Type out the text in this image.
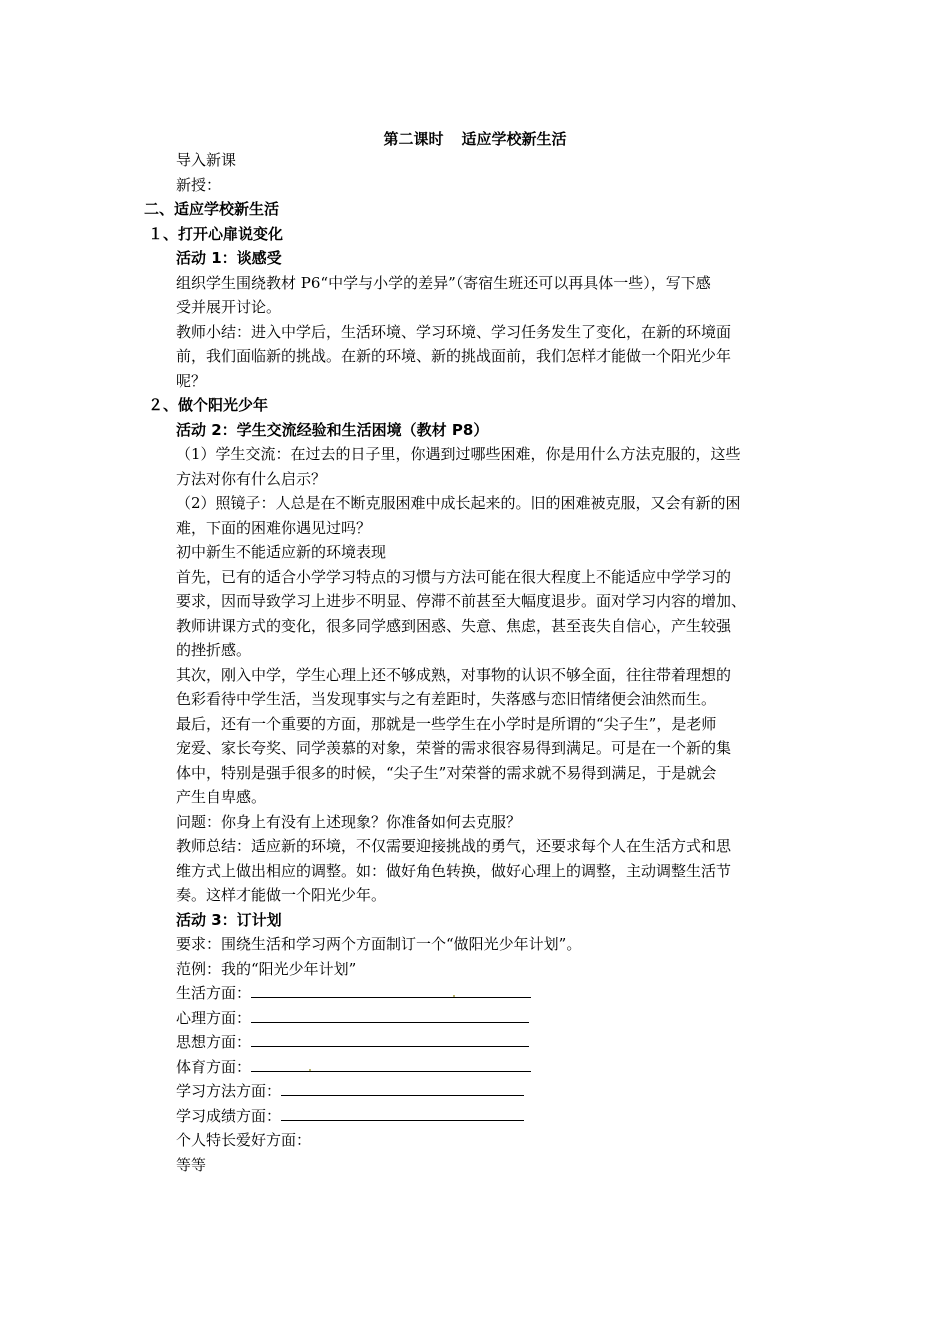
第二课时 适应学校新生活
导入新课
新授：
二、适应学校新生活
１、打开心扉说变化
活动 1：谈感受
组织学生围绕教材 P6“中学与小学的差异”（寄宿生班还可以再具体一些），写下感
受并展开讨论。
教师小结：进入中学后，生活环境、学习环境、学习任务发生了变化，在新的环境面
前，我们面临新的挑战。在新的环境、新的挑战面前，我们怎样才能做一个阳光少年
呢？
２、做个阳光少年
活动 2：学生交流经验和生活困境（教材 P8）
（1）学生交流：在过去的日子里，你遇到过哪些困难，你是用什么方法克服的，这些
方法对你有什么启示？
（2）照镜子：人总是在不断克服困难中成长起来的。旧的困难被克服，又会有新的困
难，下面的困难你遇见过吗？
初中新生不能适应新的环境表现
首先，已有的适合小学学习特点的习惯与方法可能在很大程度上不能适应中学学习的
要求，因而导致学习上进步不明显、停滞不前甚至大幅度退步。面对学习内容的增加、
教师讲课方式的变化，很多同学感到困惑、失意、焦虑，甚至丧失自信心，产生较强
的挫折感。
其次，刚入中学，学生心理上还不够成熟，对事物的认识不够全面，往往带着理想的
色彩看待中学生活，当发现事实与之有差距时，失落感与恋旧情绪便会油然而生。
最后，还有一个重要的方面，那就是一些学生在小学时是所谓的“尖子生”，是老师
宠爱、家长夸奖、同学羡慕的对象，荣誉的需求很容易得到满足。可是在一个新的集
体中，特别是强手很多的时候，“尖子生”对荣誉的需求就不易得到满足，于是就会
产生自卑感。
问题：你身上有没有上述现象？你准备如何去克服？
教师总结：适应新的环境，不仅需要迎接挑战的勇气，还要求每个人在生活方式和思
维方式上做出相应的调整。如：做好角色转换，做好心理上的调整，主动调整生活节
奏。这样才能做一个阳光少年。
活动 3：订计划
要求：围绕生活和学习两个方面制订一个“做阳光少年计划”。
范例：我的“阳光少年计划”
生活方面：
心理方面：
思想方面：
体育方面：
学习方法方面：
学习成绩方面：
个人特长爱好方面：
等等
